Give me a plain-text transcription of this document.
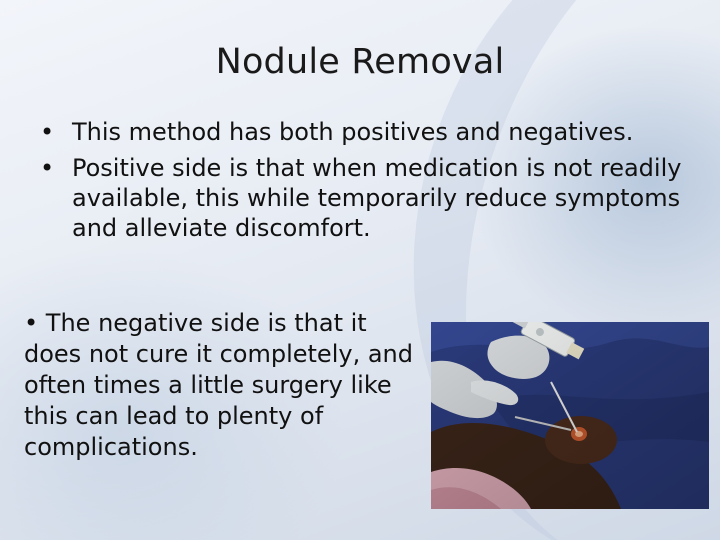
Nodule Removal
• This method has both positives and negatives.
• Positive side is that when medication is not readily available, this while temporarily reduce symptoms and alleviate discomfort.
• The negative side is that it does not cure it completely, and often times a little surgery like this can lead to plenty of complications.
